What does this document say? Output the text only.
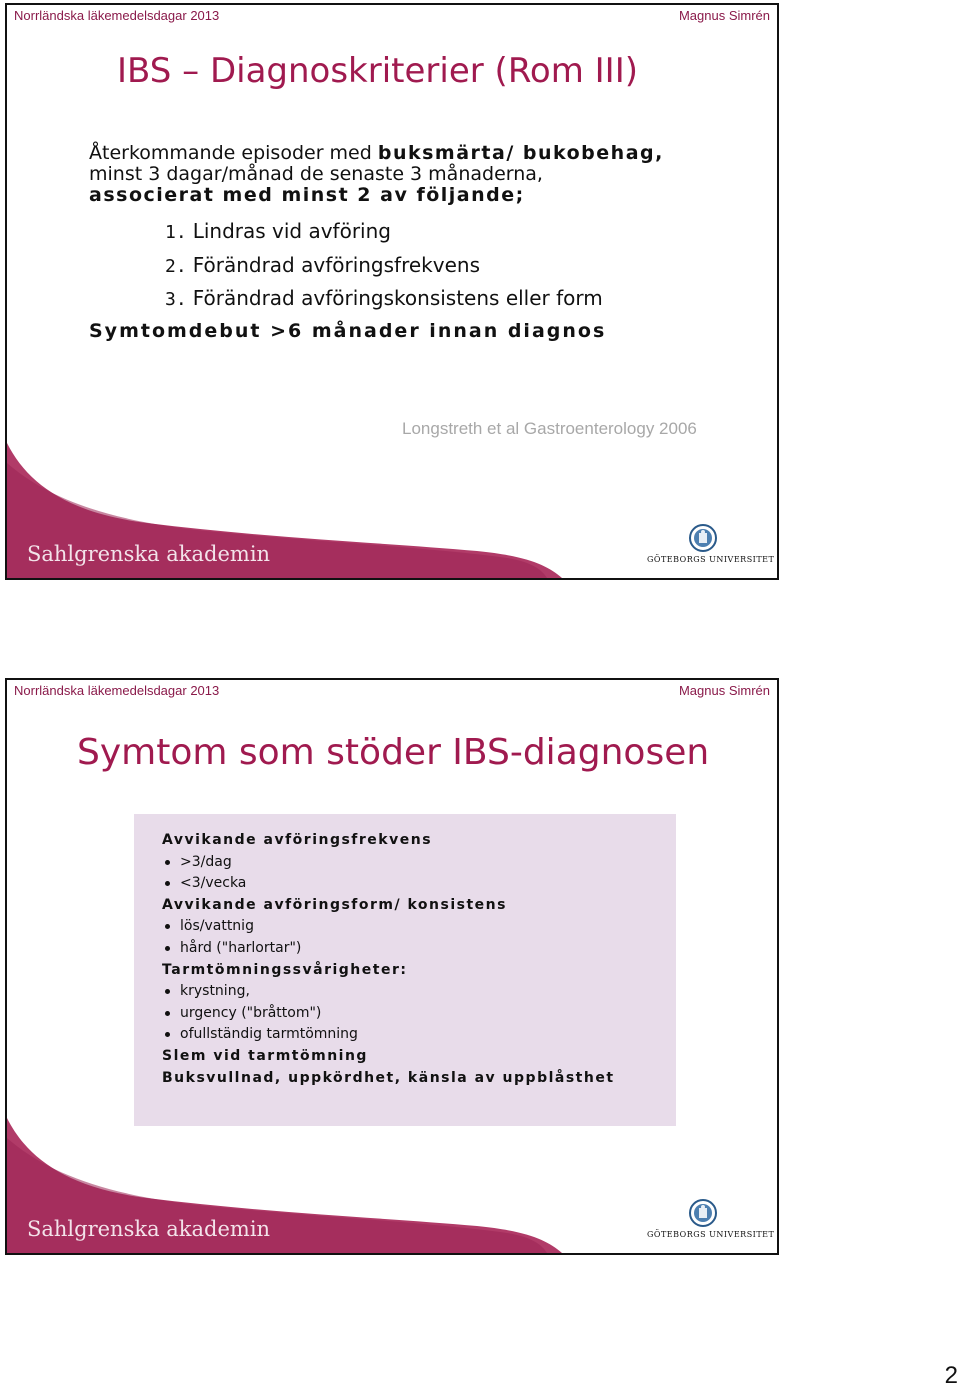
Norrländska läkemedelsdagar 2013	Magnus Simrén
IBS – Diagnoskriterier (Rom III)
Återkommande episoder med buksmärta/ bukobehag,
minst 3 dagar/månad de senaste 3 månaderna,
associerat med minst 2 av följande;
1. Lindras vid avföring
2. Förändrad avföringsfrekvens
3. Förändrad avföringskonsistens eller form
Symtomdebut >6 månader innan diagnos
Longstreth et al Gastroenterology 2006
Sahlgrenska akademin	GÖTEBORGS UNIVERSITET
Norrländska läkemedelsdagar 2013	Magnus Simrén
Symtom som stöder IBS-diagnosen
Avvikande avföringsfrekvens
>3/dag
<3/vecka
Avvikande avföringsform/ konsistens
lös/vattnig
hård ("harlortar")
Tarmtömningssvårigheter:
krystning,
urgency ("bråttom")
ofullständig tarmtömning
Slem vid tarmtömning
Buksvullnad, uppkördhet, känsla av uppblåsthet
Sahlgrenska akademin	GÖTEBORGS UNIVERSITET
2
